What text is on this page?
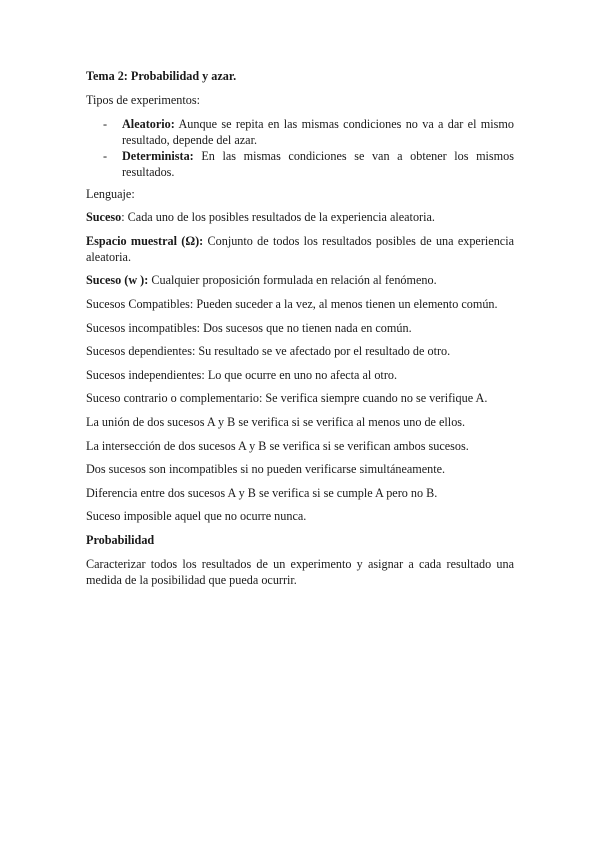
Tema 2: Probabilidad y azar.

Tipos de experimentos:

- Aleatorio: Aunque se repita en las mismas condiciones no va a dar el mismo resultado, depende del azar.
- Determinista: En las mismas condiciones se van a obtener los mismos resultados.

Lenguaje:

Suceso: Cada uno de los posibles resultados de la experiencia aleatoria.

Espacio muestral (Ω): Conjunto de todos los resultados posibles de una experiencia aleatoria.

Suceso (w ): Cualquier proposición formulada en relación al fenómeno.

Sucesos Compatibles: Pueden suceder a la vez, al menos tienen un elemento común.

Sucesos incompatibles: Dos sucesos que no tienen nada en común.

Sucesos dependientes: Su resultado se ve afectado por el resultado de otro.

Sucesos independientes: Lo que ocurre en uno no afecta al otro.

Suceso contrario o complementario: Se verifica siempre cuando no se verifique A.

La unión de dos sucesos A y B se verifica si se verifica al menos uno de ellos.

La intersección de dos sucesos A y B se verifica si se verifican ambos sucesos.

Dos sucesos son incompatibles si no pueden verificarse simultáneamente.

Diferencia entre dos sucesos A y B se verifica si se cumple A pero no B.

Suceso imposible aquel que no ocurre nunca.

Probabilidad

Caracterizar todos los resultados de un experimento y asignar a cada resultado una medida de la posibilidad que pueda ocurrir.
